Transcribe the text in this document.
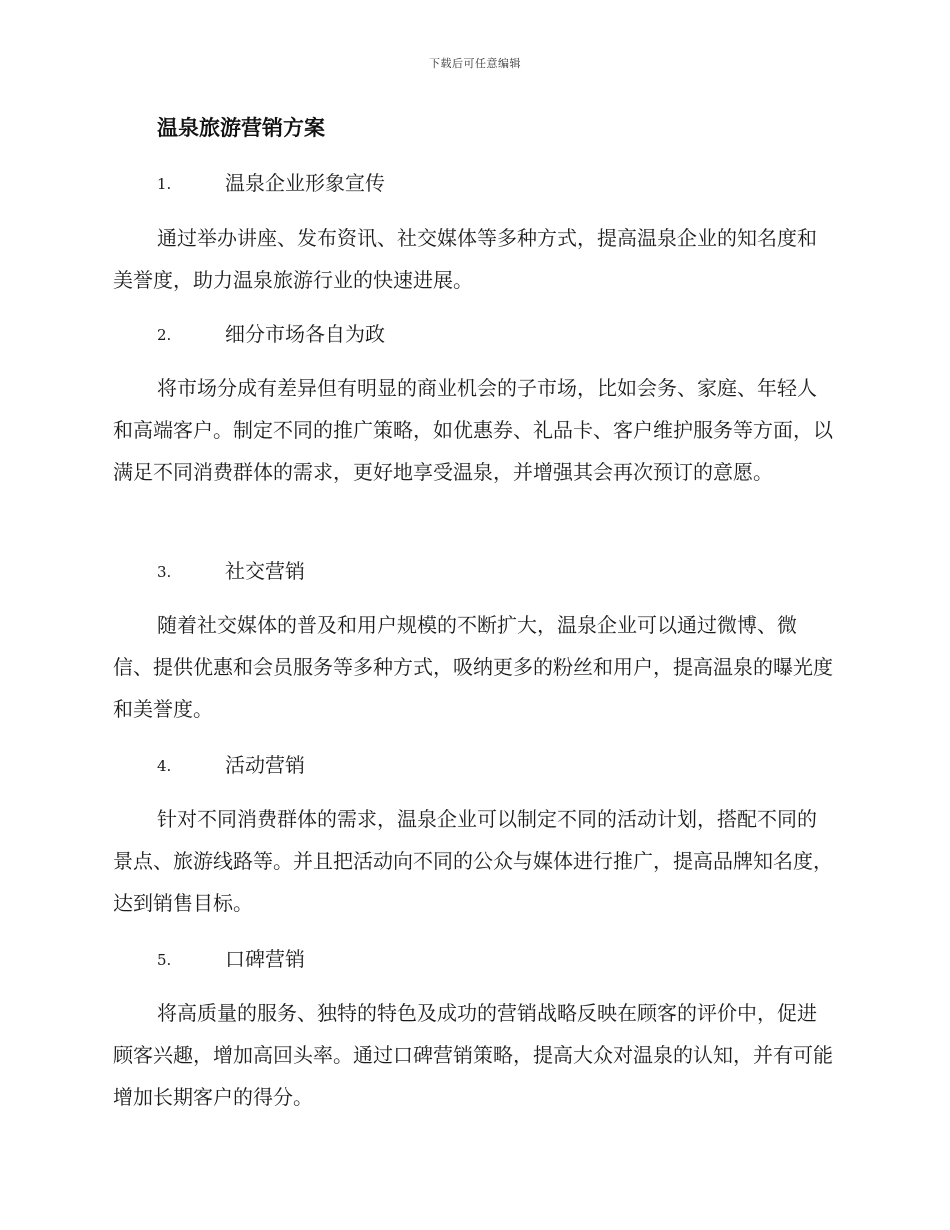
下载后可任意编辑
温泉旅游营销方案
1.	温泉企业形象宣传

通过举办讲座、发布资讯、社交媒体等多种方式，提高温泉企业的知名度和美誉度，助力温泉旅游行业的快速进展。

2.	细分市场各自为政

将市场分成有差异但有明显的商业机会的子市场，比如会务、家庭、年轻人和高端客户。制定不同的推广策略，如优惠券、礼品卡、客户维护服务等方面，以满足不同消费群体的需求，更好地享受温泉，并增强其会再次预订的意愿。

3.	社交营销

随着社交媒体的普及和用户规模的不断扩大，温泉企业可以通过微博、微信、提供优惠和会员服务等多种方式，吸纳更多的粉丝和用户，提高温泉的曝光度和美誉度。

4.	活动营销

针对不同消费群体的需求，温泉企业可以制定不同的活动计划，搭配不同的景点、旅游线路等。并且把活动向不同的公众与媒体进行推广，提高品牌知名度，达到销售目标。

5.	口碑营销

将高质量的服务、独特的特色及成功的营销战略反映在顾客的评价中，促进顾客兴趣，增加高回头率。通过口碑营销策略，提高大众对温泉的认知，并有可能增加长期客户的得分。
